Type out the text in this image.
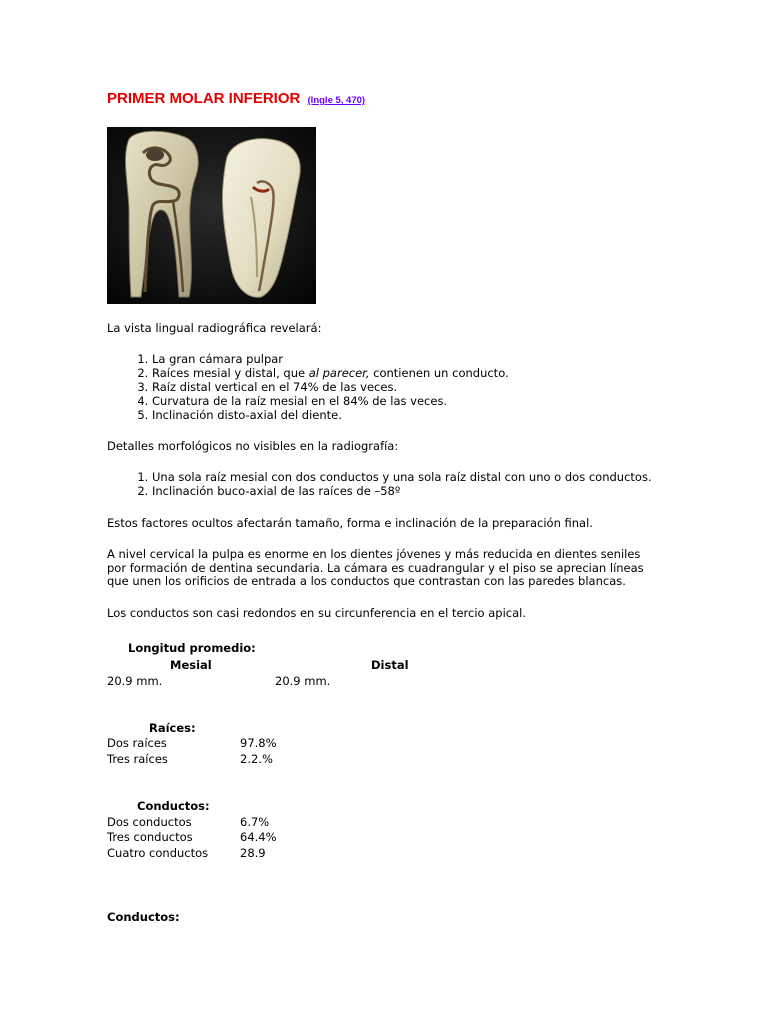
PRIMER MOLAR INFERIOR (Ingle 5, 470)
La vista lingual radiográfica revelará:
1. La gran cámara pulpar
2. Raíces mesial y distal, que al parecer, contienen un conducto.
3. Raíz distal vertical en el 74% de las veces.
4. Curvatura de la raíz mesial en el 84% de las veces.
5. Inclinación disto-axial del diente.
Detalles morfológicos no visibles en la radiografía:
1. Una sola raíz mesial con dos conductos y una sola raíz distal con uno o dos conductos.
2. Inclinación buco-axial de las raíces de –58º
Estos factores ocultos afectarán tamaño, forma e inclinación de la preparación final.

A nivel cervical la pulpa es enorme en los dientes jóvenes y más reducida en dientes seniles por formación de dentina secundaria. La cámara es cuadrangular y el piso se aprecian líneas que unen los orificios de entrada a los conductos que contrastan con las paredes blancas.

Los conductos son casi redondos en su circunferencia en el tercio apical.
Longitud promedio:
Mesial	Distal
20.9 mm.	20.9 mm.
Raíces:
Dos raíces	97.8%
Tres raíces	2.2.%
Conductos:
Dos conductos	6.7%
Tres conductos	64.4%
Cuatro conductos	28.9
Conductos:
